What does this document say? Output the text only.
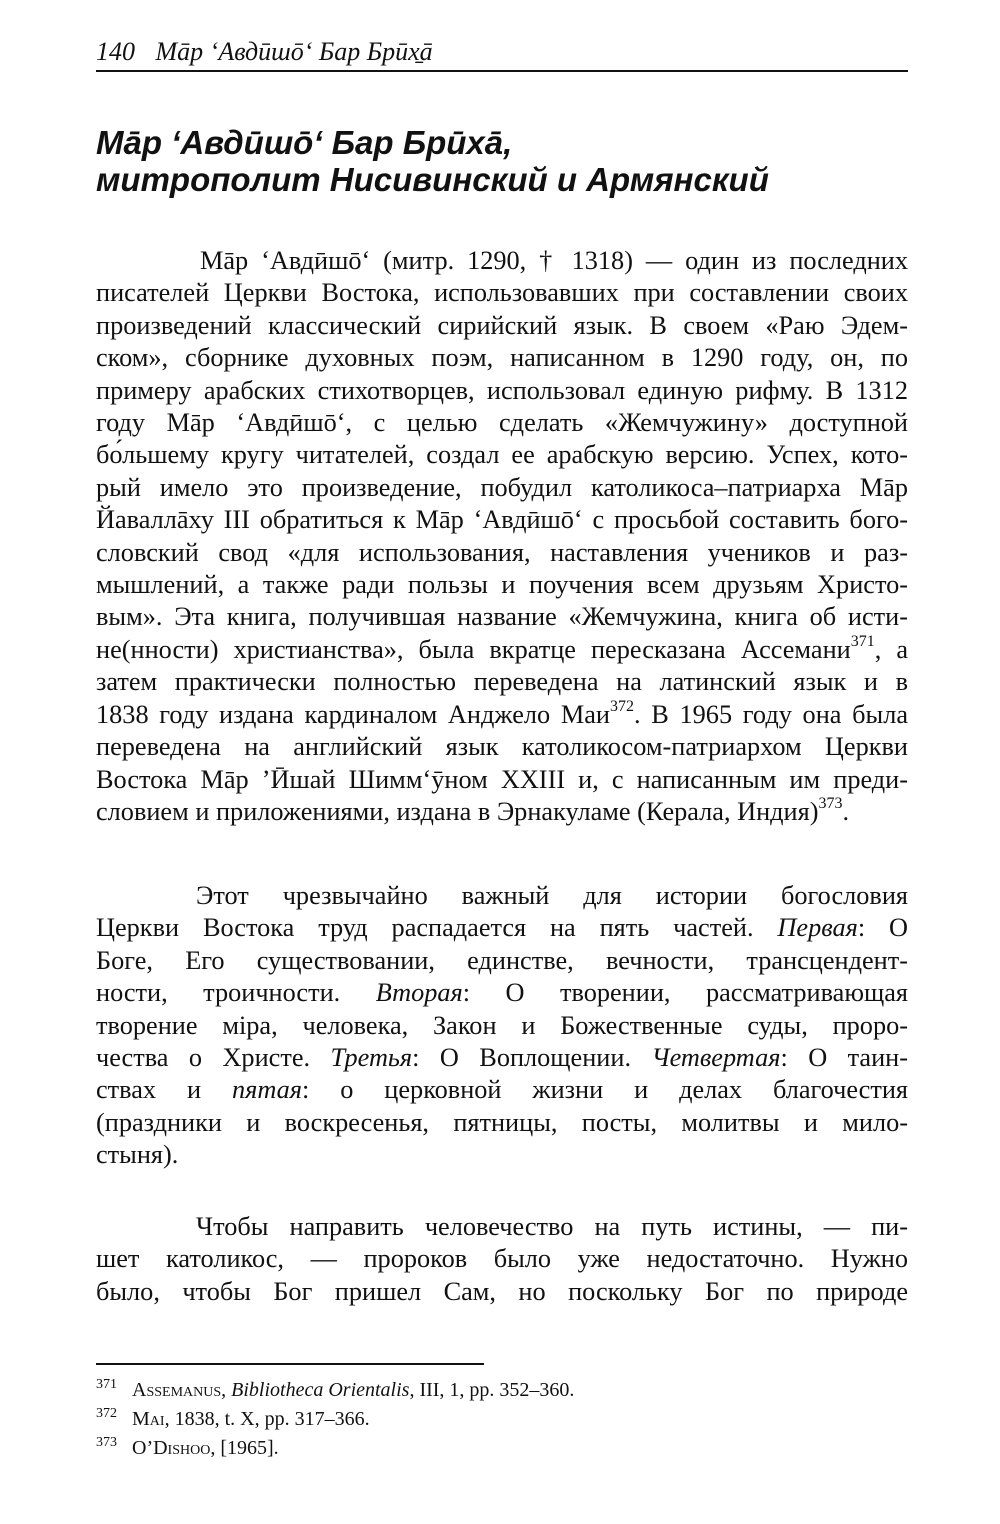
140 Мāр ‘Авдūшō‘ Бар Брūх̱ā
Мāр ‘Авдūшō‘ Бар Брūхā,
митрополит Нисивинский и Армянский
Мāр ‘Авдӣшō‘ (митр. 1290, † 1318) — один из последних
писателей Церкви Востока, использовавших при составлении своих
произведений классический сирийский язык. В своем «Раю Эдем-
ском», сборнике духовных поэм, написанном в 1290 году, он, по
примеру арабских стихотворцев, использовал единую рифму. В 1312
году Мāр ‘Авдӣшō‘, с целью сделать «Жемчужину» доступной
бо́льшему кругу читателей, создал ее арабскую версию. Успех, кото-
рый имело это произведение, побудил католикоса–патриарха Мāр
Йаваллāху III обратиться к Мāр ‘Авдӣшō‘ с просьбой составить бого-
словский свод «для использования, наставления учеников и раз-
мышлений, а также ради пользы и поучения всем друзьям Христо-
вым». Эта книга, получившая название «Жемчужина, книга об исти-
не(нности) христианства», была вкратце пересказана Ассемани$^{371}$, а
затем практически полностью переведена на латинский язык и в
1838 году издана кардиналом Анджело Маи$^{372}$. В 1965 году она была
переведена на английский язык католикосом-патриархом Церкви
Востока Мāр ’Ӣшай Шимм‘ӯном XXIII и, с написанным им преди-
словием и приложениями, издана в Эрнакуламе (Керала, Индия)$^{373}$.
Этот чрезвычайно важный для истории богословия
Церкви Востока труд распадается на пять частей. Первая: О
Боге, Его существовании, единстве, вечности, трансцендент-
ности, троичности. Вторая: О творении, рассматривающая
творение міра, человека, Закон и Божественные суды, проро-
чества о Христе. Третья: О Воплощении. Четвертая: О таин-
ствах и пятая: о церковной жизни и делах благочестия
(праздники и воскресенья, пятницы, посты, молитвы и мило-
стыня).
Чтобы направить человечество на путь истины, — пи-
шет католикос, — пророков было уже недостаточно. Нужно
было, чтобы Бог пришел Сам, но поскольку Бог по природе
371 Assemanus, Bibliotheca Orientalis, III, 1, pp. 352–360.
372 Mai, 1838, t. X, pp. 317–366.
373 O’Dishoo, [1965].
